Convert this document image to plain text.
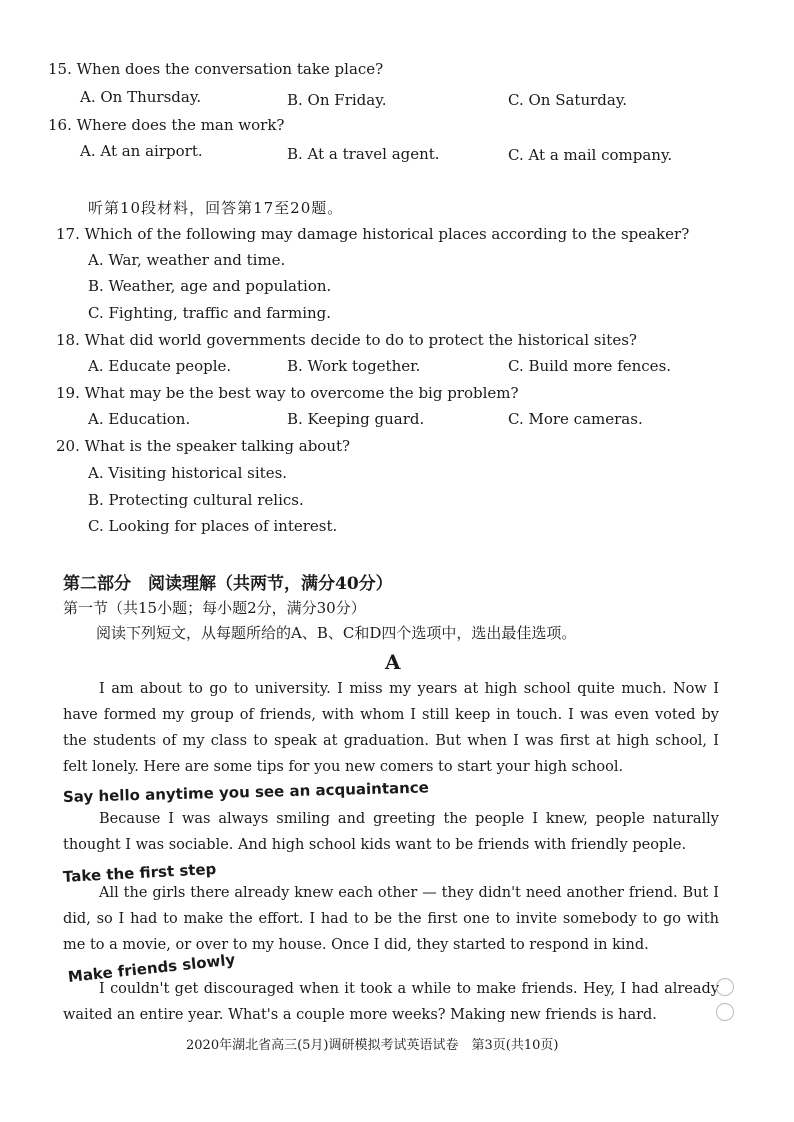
15. When does the conversation take place?
A. On Thursday.	B. On Friday.	C. On Saturday.
16. Where does the man work?
A. At an airport.	B. At a travel agent.	C. At a mail company.
听第10段材料，回答第17至20题。
17. Which of the following may damage historical places according to the speaker?
A. War, weather and time.
B. Weather, age and population.
C. Fighting, traffic and farming.
18. What did world governments decide to do to protect the historical sites?
A. Educate people.	B. Work together.	C. Build more fences.
19. What may be the best way to overcome the big problem?
A. Education.	B. Keeping guard.	C. More cameras.
20. What is the speaker talking about?
A. Visiting historical sites.
B. Protecting cultural relics.
C. Looking for places of interest.
第二部分　阅读理解（共两节，满分40分）
第一节（共15小题；每小题2分，满分30分）
阅读下列短文，从每题所给的A、B、C和D四个选项中，选出最佳选项。
A
I am about to go to university. I miss my years at high school quite much. Now I have formed my group of friends, with whom I still keep in touch. I was even voted by the students of my class to speak at graduation. But when I was first at high school, I felt lonely. Here are some tips for you new comers to start your high school.
Say hello anytime you see an acquaintance
Because I was always smiling and greeting the people I knew, people naturally thought I was sociable. And high school kids want to be friends with friendly people.
Take the first step
All the girls there already knew each other — they didn't need another friend. But I did, so I had to make the effort. I had to be the first one to invite somebody to go with me to a movie, or over to my house. Once I did, they started to respond in kind.
Make friends slowly
I couldn't get discouraged when it took a while to make friends. Hey, I had already waited an entire year. What's a couple more weeks? Making new friends is hard.
2020年湖北省高三(5月)调研模拟考试英语试卷　第3页(共10页)
